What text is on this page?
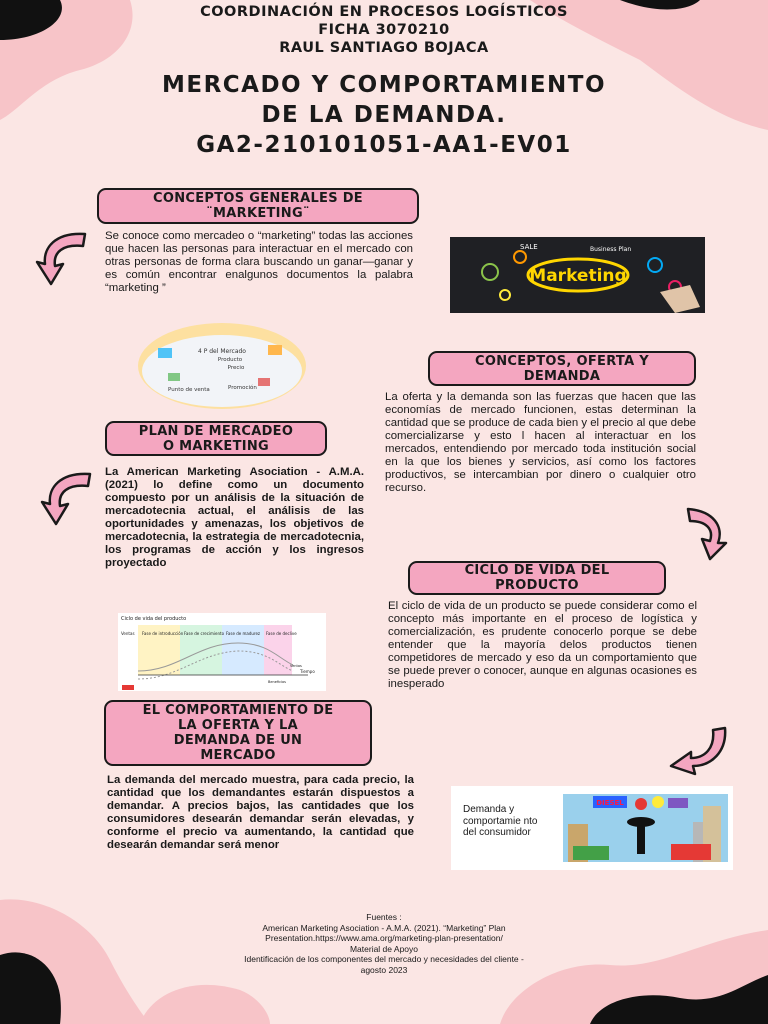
COORDINACIÓN EN PROCESOS LOGÍSTICOS
FICHA 3070210
RAUL SANTIAGO BOJACA
MERCADO Y COMPORTAMIENTO
DE LA DEMANDA.
GA2-210101051-AA1-EV01
CONCEPTOS GENERALES DE
¨MARKETING¨
Se conoce como mercadeo o “marketing” todas las acciones que hacen las personas para interactuar en el mercado con otras personas de forma clara buscando un ganar—ganar y es común encontrar enalgunos documentos la palabra “marketing ”
Marketing
SALE	Business Plan
4 P del Mercado
Producto
Precio
Punto de venta	Promoción
CONCEPTOS, OFERTA Y
DEMANDA
La oferta y la demanda son las fuerzas que hacen que las economías de mercado funcionen, estas determinan la cantidad que se produce de cada bien y el precio al que debe comercializarse y esto l hacen al interactuar en los mercados, entendiendo por mercado toda institución social en la que los bienes y servicios, así como los factores productivos, se intercambian por dinero o cualquier otro recurso.
PLAN DE MERCADEO
O MARKETING
La American Marketing Asociation - A.M.A.(2021) lo define como un documento compuesto por un análisis de la situación de mercadotecnia actual, el análisis de las oportunidades y amenazas, los objetivos de mercadotecnia, la estrategia de mercadotecnia, los programas de acción y los ingresos proyectado
Ciclo de vida del producto
Fase de introducción Fase de crecimiento Fase de madurez Fase de declive
Ventas
Tiempo
Ventas
Beneficios
CICLO DE VIDA DEL
PRODUCTO
El ciclo de vida de un producto se puede considerar como el concepto más importante en el proceso de logística y comercialización, es prudente conocerlo porque se debe entender que la mayoría delos productos tienen competidores de mercado y eso da un comportamiento que se puede prever o conocer, aunque en algunas ocasiones es inesperado
EL COMPORTAMIENTO DE
LA OFERTA Y LA
DEMANDA DE UN
MERCADO
La demanda del mercado muestra, para cada precio, la cantidad que los demandantes estarán dispuestos a demandar. A precios bajos, las cantidades que los consumidores desearán demandar serán elevadas, y conforme el precio va aumentando, la cantidad que desearán demandar será menor
Demanda y comportamie nto del consumidor
DIESEL
Fuentes :
American Marketing Asociation - A.M.A. (2021). “Marketing” Plan
Presentation.https://www.ama.org/marketing-plan-presentation/
Material de Apoyo
Identificación de los componentes del mercado y necesidades del cliente -
agosto 2023
